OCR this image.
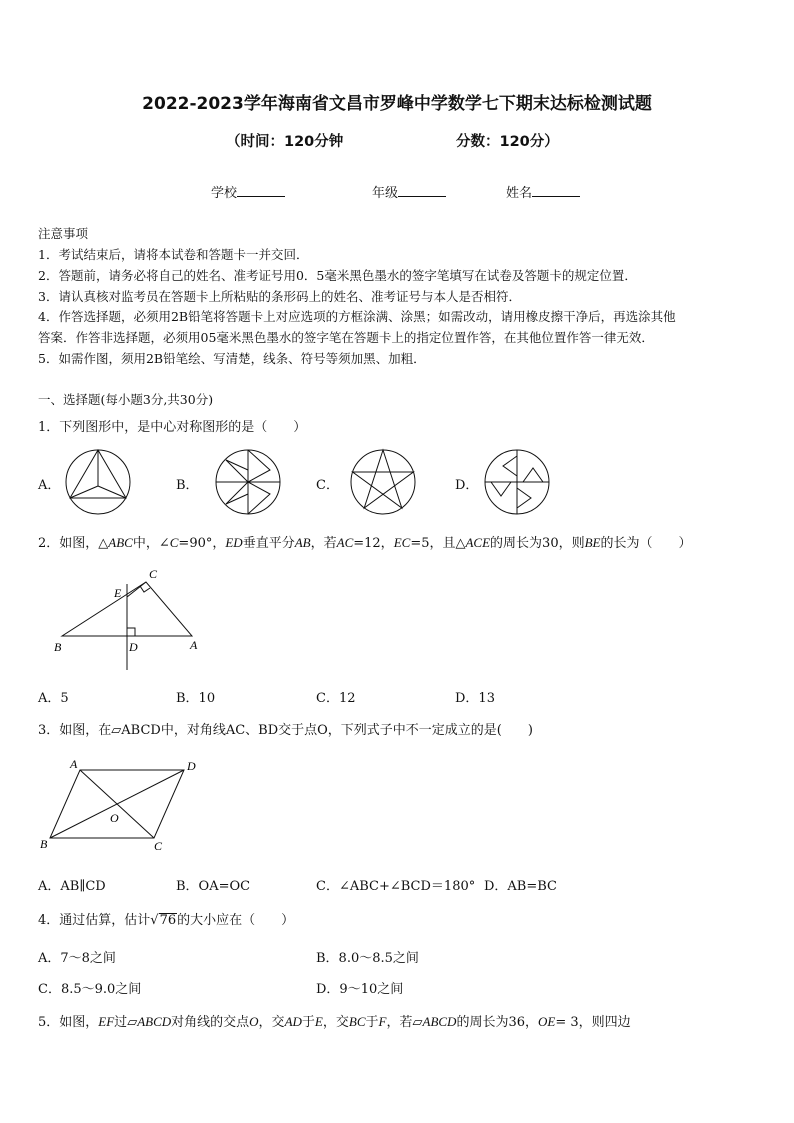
2022-2023学年海南省文昌市罗峰中学数学七下期末达标检测试题
（时间：120分钟	分数：120分）
学校	年级	姓名
注意事项
1．考试结束后，请将本试卷和答题卡一并交回．
2．答题前，请务必将自己的姓名、准考证号用0．5毫米黑色墨水的签字笔填写在试卷及答题卡的规定位置．
3．请认真核对监考员在答题卡上所粘贴的条形码上的姓名、准考证号与本人是否相符．
4．作答选择题，必须用2B铅笔将答题卡上对应选项的方框涂满、涂黑；如需改动，请用橡皮擦干净后，再选涂其他
答案．作答非选择题，必须用05毫米黑色墨水的签字笔在答题卡上的指定位置作答，在其他位置作答一律无效．
5．如需作图，须用2B铅笔绘、写清楚，线条、符号等须加黑、加粗．
一、选择题(每小题3分,共30分)
1．下列图形中，是中心对称图形的是（　　）
A．	B．	C．	D．
2．如图，△ABC中，∠C=90°，ED垂直平分AB，若AC=12，EC=5，且△ACE的周长为30，则BE的长为（　　）
C
E
B	D	A
A．5	B．10	C．12	D．13
3．如图，在▱ABCD中，对角线AC、BD交于点O，下列式子中不一定成立的是(　　)
A	D
O
B	C
A．AB∥CD	B．OA=OC	C．∠ABC+∠BCD＝180° D．AB=BC
4．通过估算，估计√76的大小应在（　　）
A．7～8之间	B．8.0～8.5之间
C．8.5～9.0之间	D．9～10之间
5．如图，EF过▱ABCD对角线的交点O，交AD于E，交BC于F，若▱ABCD的周长为36，OE= 3，则四边
